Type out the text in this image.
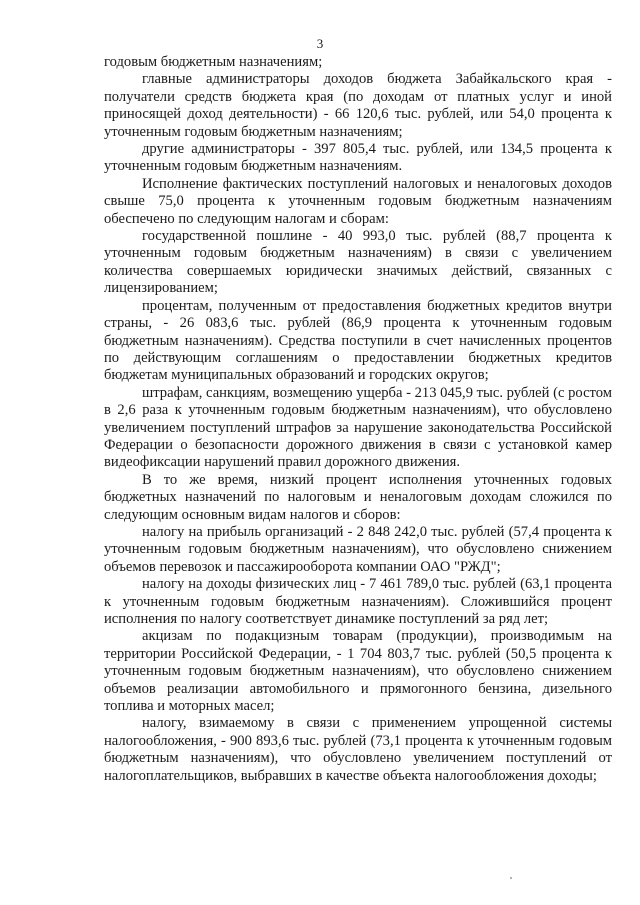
3

годовым бюджетным назначениям;

главные администраторы доходов бюджета Забайкальского края - получатели средств бюджета края (по доходам от платных услуг и иной приносящей доход деятельности) - 66 120,6 тыс. рублей, или 54,0 процента к уточненным годовым бюджетным назначениям;

другие администраторы - 397 805,4 тыс. рублей, или 134,5 процента к уточненным годовым бюджетным назначениям.

Исполнение фактических поступлений налоговых и неналоговых доходов свыше 75,0 процента к уточненным годовым бюджетным назначениям обеспечено по следующим налогам и сборам:

государственной пошлине - 40 993,0 тыс. рублей (88,7 процента к уточненным годовым бюджетным назначениям) в связи с увеличением количества совершаемых юридически значимых действий, связанных с лицензированием;

процентам, полученным от предоставления бюджетных кредитов внутри страны, - 26 083,6 тыс. рублей (86,9 процента к уточненным годовым бюджетным назначениям). Средства поступили в счет начисленных процентов по действующим соглашениям о предоставлении бюджетных кредитов бюджетам муниципальных образований и городских округов;

штрафам, санкциям, возмещению ущерба - 213 045,9 тыс. рублей (с ростом в 2,6 раза к уточненным годовым бюджетным назначениям), что обусловлено увеличением поступлений штрафов за нарушение законодательства Российской Федерации о безопасности дорожного движения в связи с установкой камер видеофиксации нарушений правил дорожного движения.

В то же время, низкий процент исполнения уточненных годовых бюджетных назначений по налоговым и неналоговым доходам сложился по следующим основным видам налогов и сборов:

налогу на прибыль организаций - 2 848 242,0 тыс. рублей (57,4 процента к уточненным годовым бюджетным назначениям), что обусловлено снижением объемов перевозок и пассажирооборота компании ОАО "РЖД";

налогу на доходы физических лиц - 7 461 789,0 тыс. рублей (63,1 процента к уточненным годовым бюджетным назначениям). Сложившийся процент исполнения по налогу соответствует динамике поступлений за ряд лет;

акцизам по подакцизным товарам (продукции), производимым на территории Российской Федерации, - 1 704 803,7 тыс. рублей (50,5 процента к уточненным годовым бюджетным назначениям), что обусловлено снижением объемов реализации автомобильного и прямогонного бензина, дизельного топлива и моторных масел;

налогу, взимаемому в связи с применением упрощенной системы налогообложения, - 900 893,6 тыс. рублей (73,1 процента к уточненным годовым бюджетным назначениям), что обусловлено увеличением поступлений от налогоплательщиков, выбравших в качестве объекта налогообложения доходы;
